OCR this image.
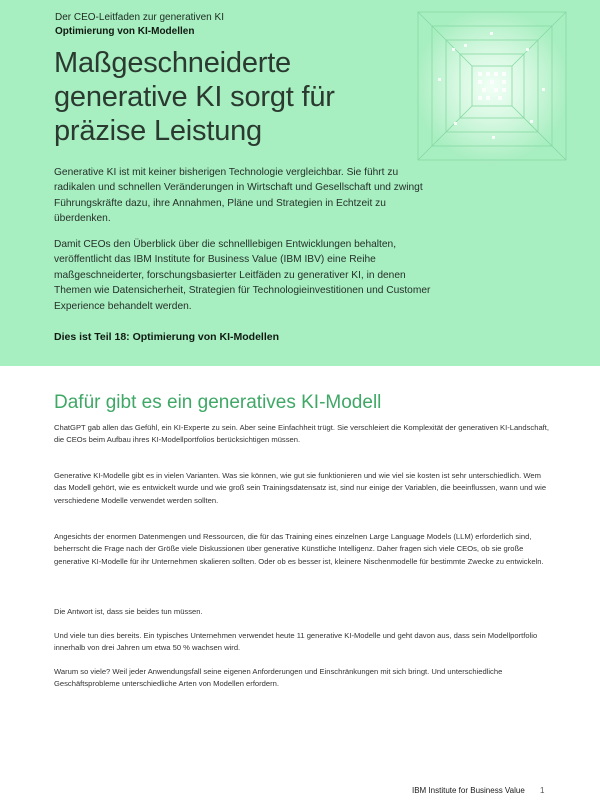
Der CEO-Leitfaden zur generativen KI
Optimierung von KI-Modellen
Maßgeschneiderte generative KI sorgt für präzise Leistung

Generative KI ist mit keiner bisherigen Technologie vergleichbar. Sie führt zu radikalen und schnellen Veränderungen in Wirtschaft und Gesellschaft und zwingt Führungskräfte dazu, ihre Annahmen, Pläne und Strategien in Echtzeit zu überdenken.

Damit CEOs den Überblick über die schnelllebigen Entwicklungen behalten, veröffentlicht das IBM Institute for Business Value (IBM IBV) eine Reihe maßgeschneiderter, forschungsbasierter Leitfäden zu generativer KI, in denen Themen wie Datensicherheit, Strategien für Technologieinvestitionen und Customer Experience behandelt werden.

Dies ist Teil 18: Optimierung von KI-Modellen
Dafür gibt es ein generatives KI-Modell

ChatGPT gab allen das Gefühl, ein KI-Experte zu sein. Aber seine Einfachheit trügt. Sie verschleiert die Komplexität der generativen KI-Landschaft, die CEOs beim Aufbau ihres KI-Modellportfolios berücksichtigen müssen.

Generative KI-Modelle gibt es in vielen Varianten. Was sie können, wie gut sie funktionieren und wie viel sie kosten ist sehr unterschiedlich. Wem das Modell gehört, wie es entwickelt wurde und wie groß sein Trainingsdatensatz ist, sind nur einige der Variablen, die beeinflussen, wann und wie verschiedene Modelle verwendet werden sollten.

Angesichts der enormen Datenmengen und Ressourcen, die für das Training eines einzelnen Large Language Models (LLM) erforderlich sind, beherrscht die Frage nach der Größe viele Diskussionen über generative Künstliche Intelligenz. Daher fragen sich viele CEOs, ob sie große generative KI-Modelle für ihr Unternehmen skalieren sollten. Oder ob es besser ist, kleinere Nischenmodelle für bestimmte Zwecke zu entwickeln.

Die Antwort ist, dass sie beides tun müssen.

Und viele tun dies bereits. Ein typisches Unternehmen verwendet heute 11 generative KI-Modelle und geht davon aus, dass sein Modellportfolio innerhalb von drei Jahren um etwa 50 % wachsen wird.

Warum so viele? Weil jeder Anwendungsfall seine eigenen Anforderungen und Einschränkungen mit sich bringt. Und unterschiedliche Geschäftsprobleme unterschiedliche Arten von Modellen erfordern.

IBM Institute for Business Value 1
